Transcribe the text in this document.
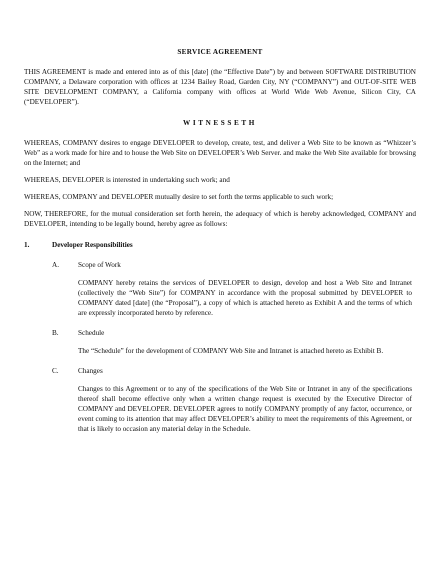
SERVICE AGREEMENT

THIS AGREEMENT is made and entered into as of this [date] (the “Effective Date”) by and between SOFTWARE DISTRIBUTION COMPANY, a Delaware corporation with offices at 1234 Bailey Road, Garden City, NY (“COMPANY”) and OUT-OF-SITE WEB SITE DEVELOPMENT COMPANY, a California company with offices at World Wide Web Avenue, Silicon City, CA (“DEVELOPER”).

WITNESSETH

WHEREAS, COMPANY desires to engage DEVELOPER to develop, create, test, and deliver a Web Site to be known as “Whizzer’s Web” as a work made for hire and to house the Web Site on DEVELOPER’s Web Server. and make the Web Site available for browsing on the Internet; and

WHEREAS, DEVELOPER is interested in undertaking such work; and

WHEREAS, COMPANY and DEVELOPER mutually desire to set forth the terms applicable to such work;

NOW, THEREFORE, for the mutual consideration set forth herein, the adequacy of which is hereby acknowledged, COMPANY and DEVELOPER, intending to be legally bound, hereby agree as follows:

1.	Developer Responsibilities
A.	Scope of Work

COMPANY hereby retains the services of DEVELOPER to design, develop and host a Web Site and Intranet (collectively the “Web Site”) for COMPANY in accordance with the proposal submitted by DEVELOPER to COMPANY dated [date] (the “Proposal”), a copy of which is attached hereto as Exhibit A and the terms of which are expressly incorporated hereto by reference.

B.	Schedule

The “Schedule” for the development of COMPANY Web Site and Intranet is attached hereto as Exhibit B.

C.	Changes

Changes to this Agreement or to any of the specifications of the Web Site or Intranet in any of the specifications thereof shall become effective only when a written change request is executed by the Executive Director of COMPANY and DEVELOPER. DEVELOPER agrees to notify COMPANY promptly of any factor, occurrence, or event coming to its attention that may affect DEVELOPER’s ability to meet the requirements of this Agreement, or that is likely to occasion any material delay in the Schedule.
